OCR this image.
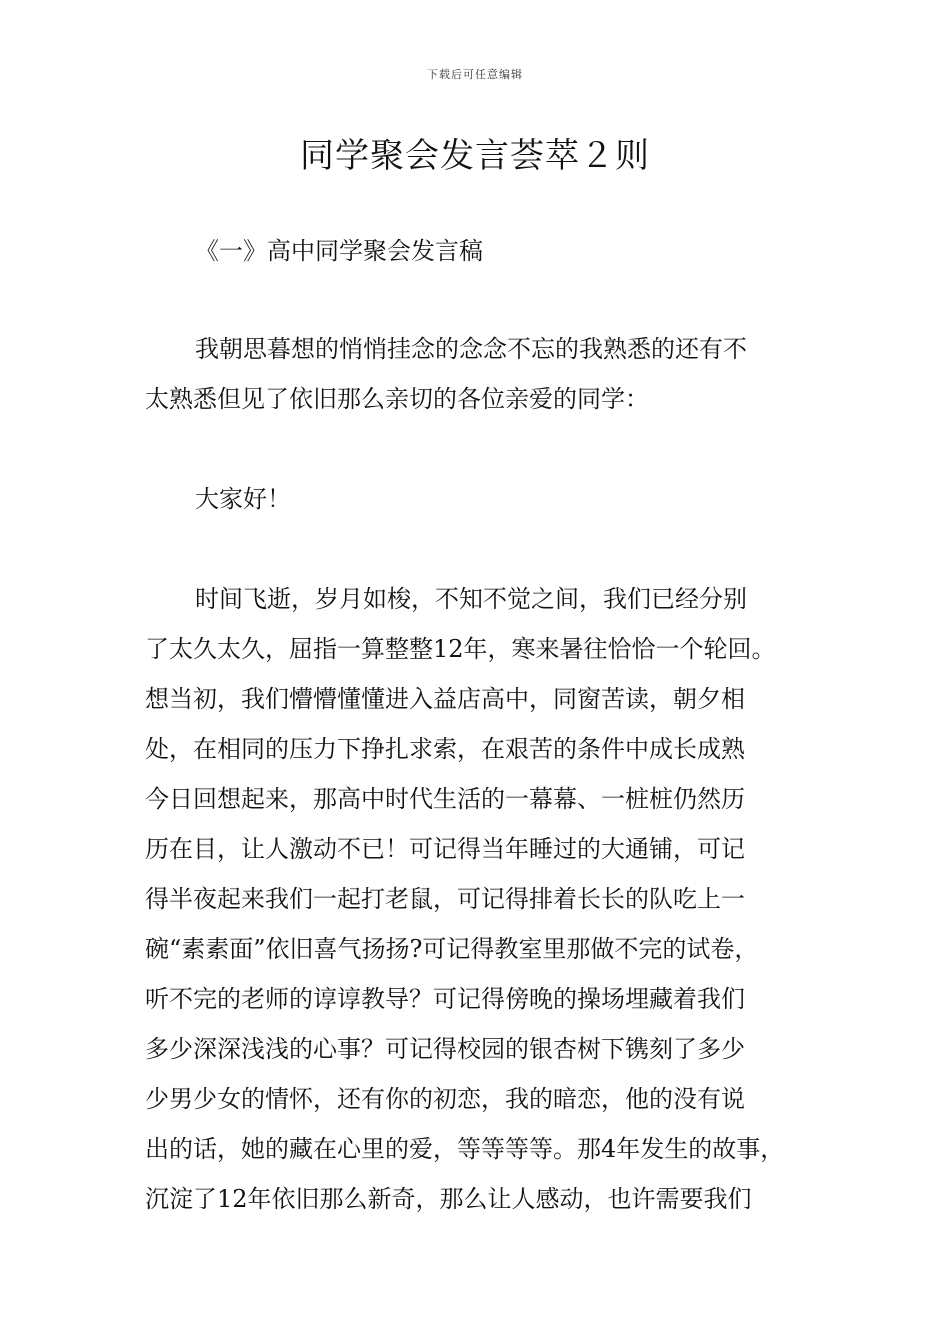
下载后可任意编辑
同学聚会发言荟萃２则
《一》高中同学聚会发言稿
我朝思暮想的悄悄挂念的念念不忘的我熟悉的还有不
太熟悉但见了依旧那么亲切的各位亲爱的同学：
大家好！
时间飞逝，岁月如梭，不知不觉之间，我们已经分别
了太久太久，屈指一算整整12年，寒来暑往恰恰一个轮回。
想当初，我们懵懵懂懂进入益店高中，同窗苦读，朝夕相
处，在相同的压力下挣扎求索，在艰苦的条件中成长成熟
今日回想起来，那高中时代生活的一幕幕、一桩桩仍然历
历在目，让人激动不已！可记得当年睡过的大通铺，可记
得半夜起来我们一起打老鼠，可记得排着长长的队吃上一
碗“素素面”依旧喜气扬扬?可记得教室里那做不完的试卷，
听不完的老师的谆谆教导？可记得傍晚的操场埋藏着我们
多少深深浅浅的心事？可记得校园的银杏树下镌刻了多少
少男少女的情怀，还有你的初恋，我的暗恋，他的没有说
出的话，她的藏在心里的爱，等等等等。那4年发生的故事，
沉淀了12年依旧那么新奇，那么让人感动，也许需要我们
